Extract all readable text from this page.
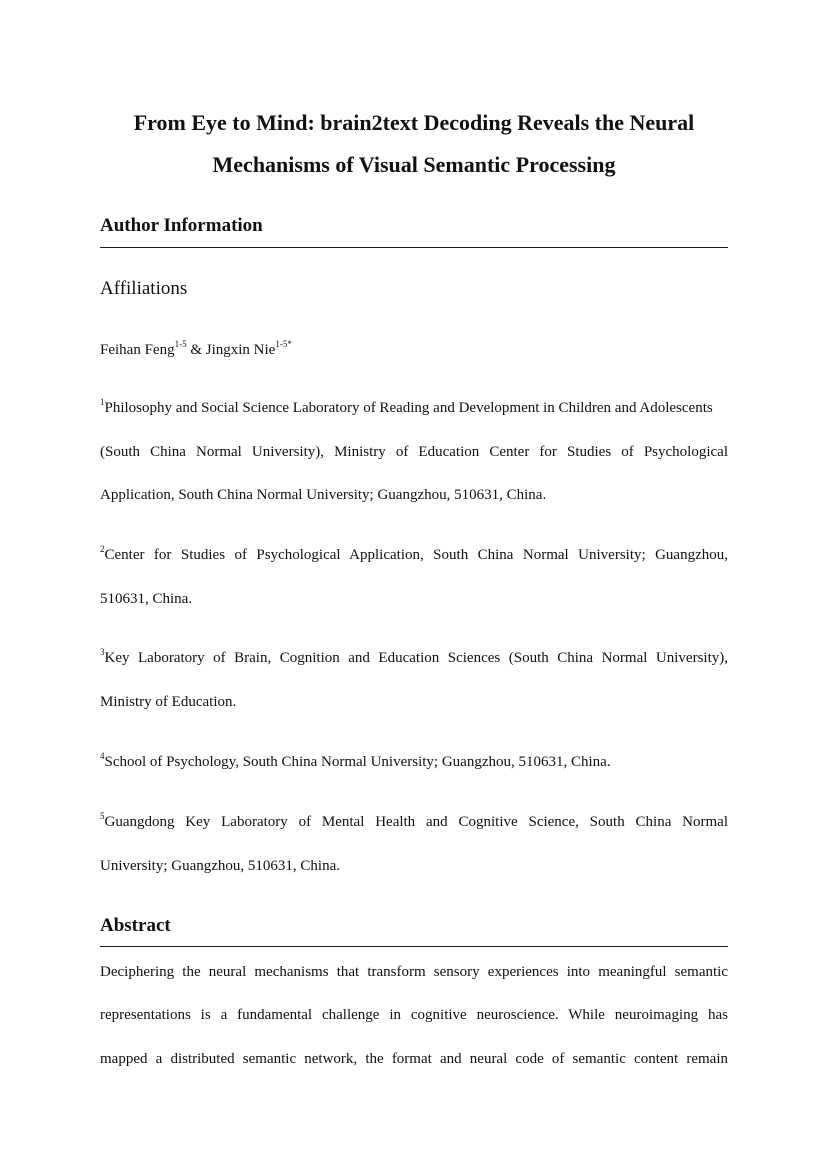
From Eye to Mind: brain2text Decoding Reveals the Neural
Mechanisms of Visual Semantic Processing
Author Information
Affiliations
Feihan Feng$^{1-5}$ & Jingxin Nie$^{1-5*}$
$^1$Philosophy and Social Science Laboratory of Reading and Development in Children and Adolescents
(South China Normal University), Ministry of Education Center for Studies of Psychological
Application, South China Normal University; Guangzhou, 510631, China.
$^2$Center for Studies of Psychological Application, South China Normal University; Guangzhou,
510631, China.
$^3$Key Laboratory of Brain, Cognition and Education Sciences (South China Normal University),
Ministry of Education.
$^4$School of Psychology, South China Normal University; Guangzhou, 510631, China.
$^5$Guangdong Key Laboratory of Mental Health and Cognitive Science, South China Normal
University; Guangzhou, 510631, China.
Abstract
Deciphering the neural mechanisms that transform sensory experiences into meaningful semantic
representations is a fundamental challenge in cognitive neuroscience. While neuroimaging has
mapped a distributed semantic network, the format and neural code of semantic content remain
